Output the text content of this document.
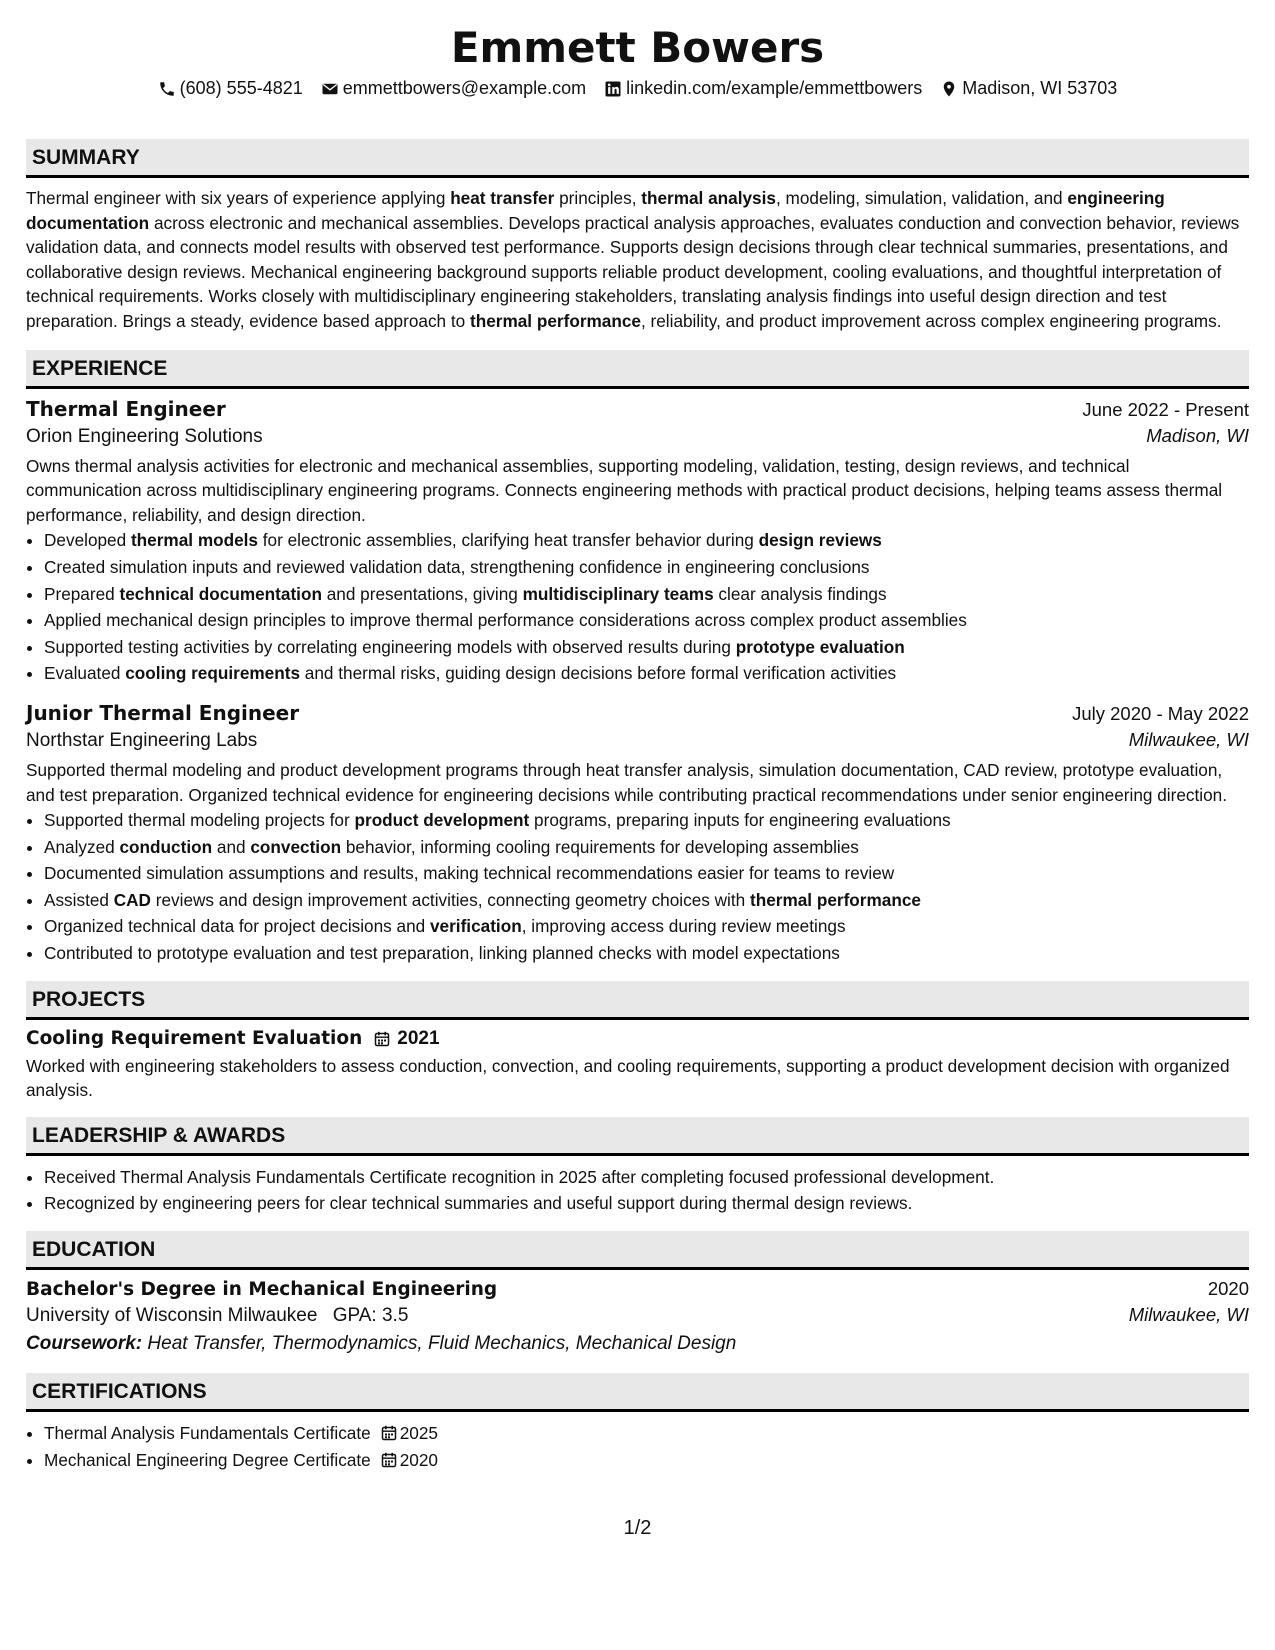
Emmett Bowers
(608) 555-4821 emmettbowers@example.com linkedin.com/example/emmettbowers Madison, WI 53703
SUMMARY
Thermal engineer with six years of experience applying heat transfer principles, thermal analysis, modeling, simulation, validation, and engineering documentation across electronic and mechanical assemblies. Develops practical analysis approaches, evaluates conduction and convection behavior, reviews validation data, and connects model results with observed test performance. Supports design decisions through clear technical summaries, presentations, and collaborative design reviews. Mechanical engineering background supports reliable product development, cooling evaluations, and thoughtful interpretation of technical requirements. Works closely with multidisciplinary engineering stakeholders, translating analysis findings into useful design direction and test preparation. Brings a steady, evidence based approach to thermal performance, reliability, and product improvement across complex engineering programs.
EXPERIENCE
Thermal Engineer	June 2022 - Present
Orion Engineering Solutions	Madison, WI
Owns thermal analysis activities for electronic and mechanical assemblies, supporting modeling, validation, testing, design reviews, and technical communication across multidisciplinary engineering programs. Connects engineering methods with practical product decisions, helping teams assess thermal performance, reliability, and design direction.
• Developed thermal models for electronic assemblies, clarifying heat transfer behavior during design reviews
• Created simulation inputs and reviewed validation data, strengthening confidence in engineering conclusions
• Prepared technical documentation and presentations, giving multidisciplinary teams clear analysis findings
• Applied mechanical design principles to improve thermal performance considerations across complex product assemblies
• Supported testing activities by correlating engineering models with observed results during prototype evaluation
• Evaluated cooling requirements and thermal risks, guiding design decisions before formal verification activities
Junior Thermal Engineer	July 2020 - May 2022
Northstar Engineering Labs	Milwaukee, WI
Supported thermal modeling and product development programs through heat transfer analysis, simulation documentation, CAD review, prototype evaluation, and test preparation. Organized technical evidence for engineering decisions while contributing practical recommendations under senior engineering direction.
• Supported thermal modeling projects for product development programs, preparing inputs for engineering evaluations
• Analyzed conduction and convection behavior, informing cooling requirements for developing assemblies
• Documented simulation assumptions and results, making technical recommendations easier for teams to review
• Assisted CAD reviews and design improvement activities, connecting geometry choices with thermal performance
• Organized technical data for project decisions and verification, improving access during review meetings
• Contributed to prototype evaluation and test preparation, linking planned checks with model expectations
PROJECTS
Cooling Requirement Evaluation 2021
Worked with engineering stakeholders to assess conduction, convection, and cooling requirements, supporting a product development decision with organized analysis.
LEADERSHIP & AWARDS
• Received Thermal Analysis Fundamentals Certificate recognition in 2025 after completing focused professional development.
• Recognized by engineering peers for clear technical summaries and useful support during thermal design reviews.
EDUCATION
Bachelor's Degree in Mechanical Engineering	2020
University of Wisconsin Milwaukee GPA: 3.5	Milwaukee, WI
Coursework: Heat Transfer, Thermodynamics, Fluid Mechanics, Mechanical Design
CERTIFICATIONS
• Thermal Analysis Fundamentals Certificate 2025
• Mechanical Engineering Degree Certificate 2020
1/2
